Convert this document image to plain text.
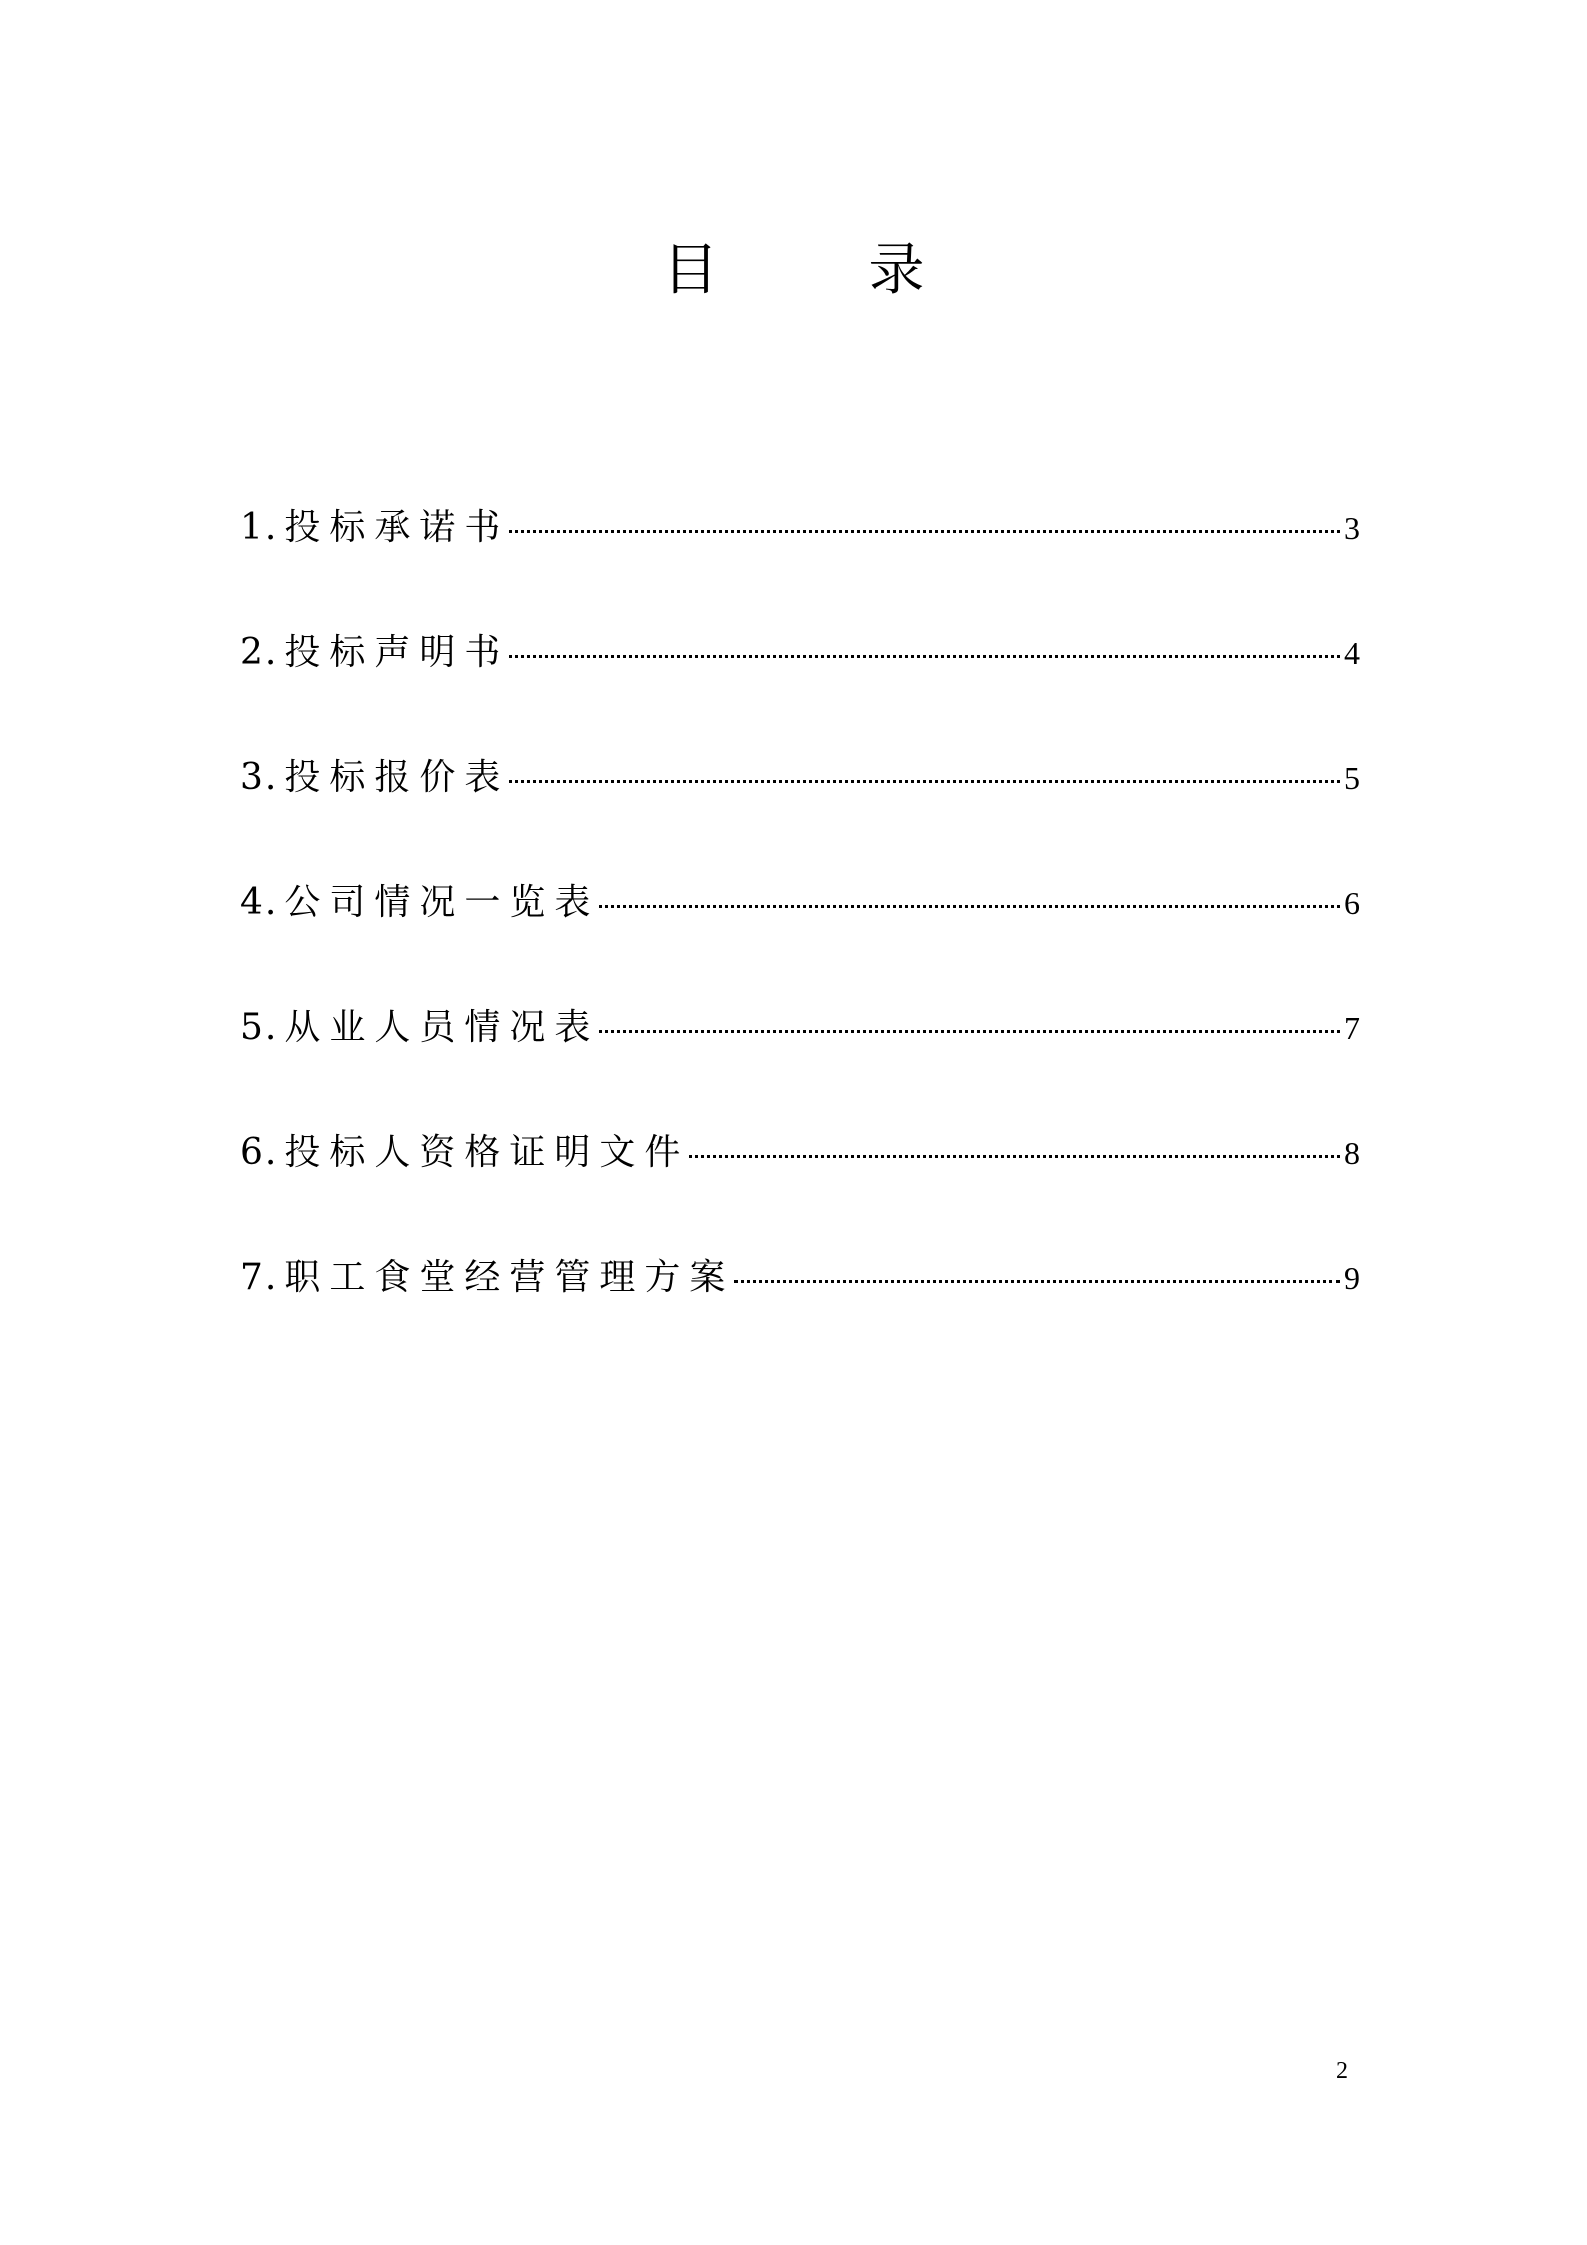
目	录
1. 投标承诺书	3
2. 投标声明书	4
3. 投标报价表	5
4. 公司情况一览表	6
5. 从业人员情况表	7
6. 投标人资格证明文件	8
7. 职工食堂经营管理方案	9
2
